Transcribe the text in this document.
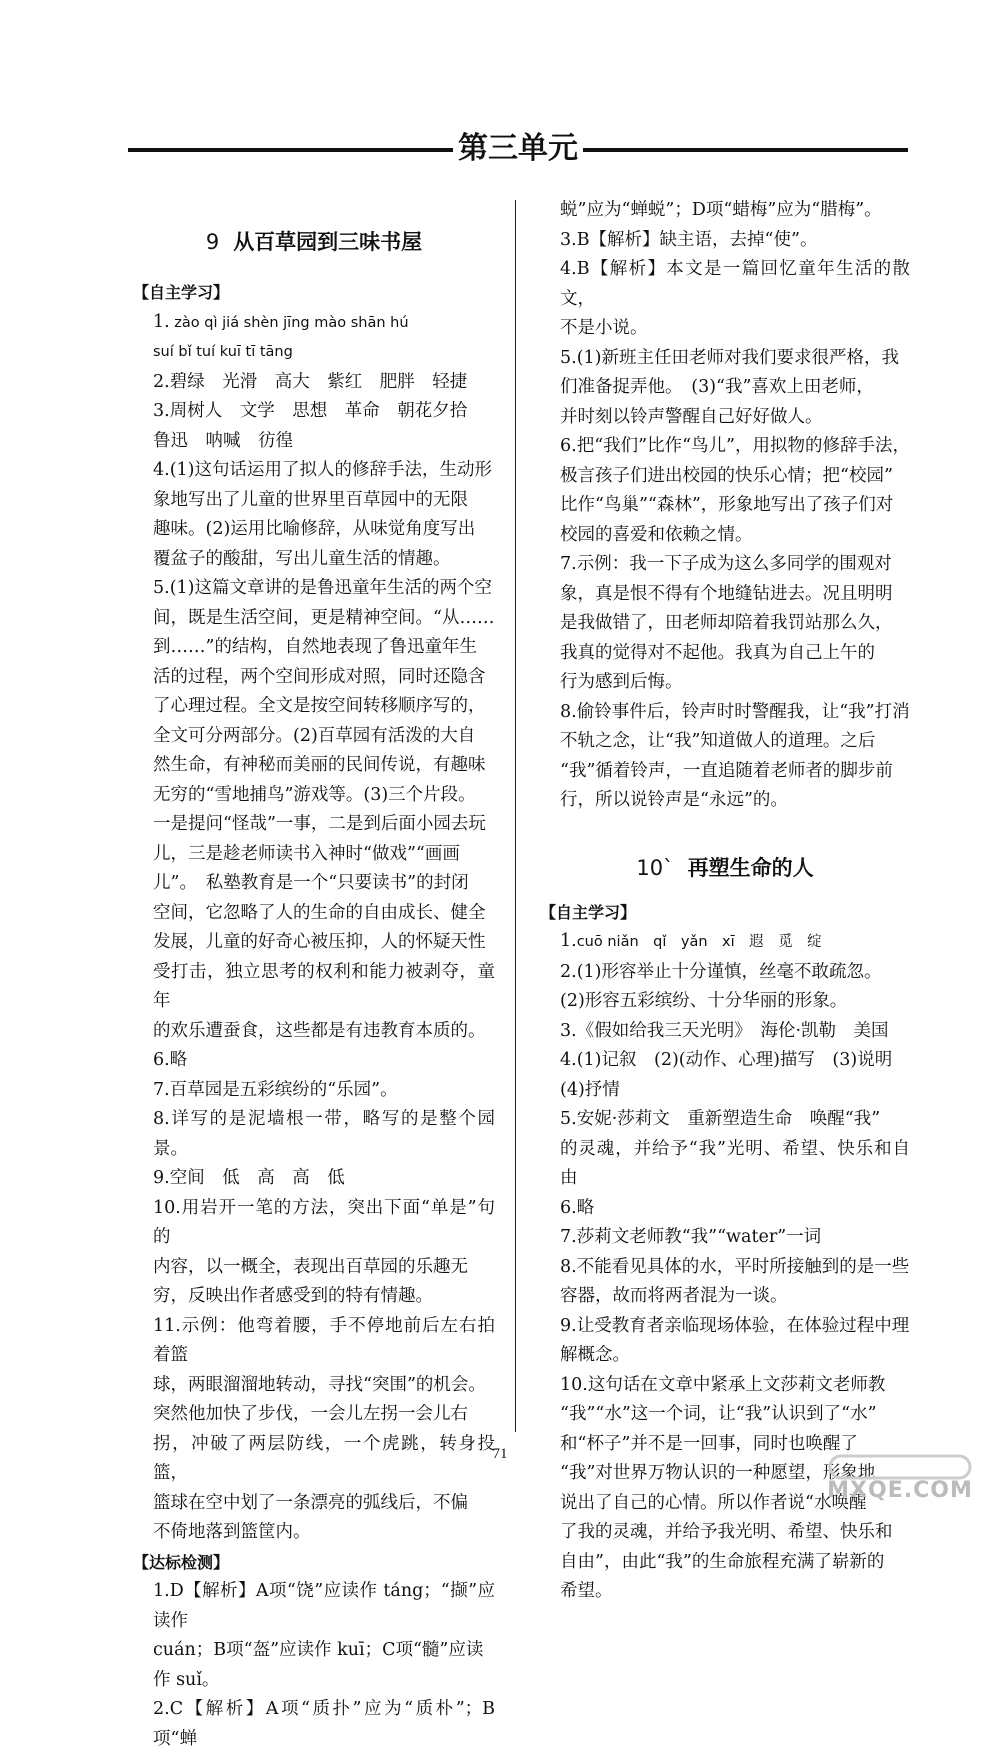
第三单元

9 从百草园到三味书屋

【自主学习】
1. zào qì jiá shèn jīng mào shān hú
suí bǐ tuí kuī tī tāng
2.碧绿　光滑　高大　紫红　肥胖　轻捷
3.周树人　文学　思想　革命　朝花夕拾
鲁迅　呐喊　彷徨
4.(1)这句话运用了拟人的修辞手法，生动形
象地写出了儿童的世界里百草园中的无限
趣味。(2)运用比喻修辞，从味觉角度写出
覆盆子的酸甜，写出儿童生活的情趣。
5.(1)这篇文章讲的是鲁迅童年生活的两个空
间，既是生活空间，更是精神空间。“从……
到……”的结构，自然地表现了鲁迅童年生
活的过程，两个空间形成对照，同时还隐含
了心理过程。全文是按空间转移顺序写的，
全文可分两部分。(2)百草园有活泼的大自
然生命，有神秘而美丽的民间传说，有趣味
无穷的“雪地捕鸟”游戏等。(3)三个片段。
一是提问“怪哉”一事，二是到后面小园去玩
儿，三是趁老师读书入神时“做戏”“画画
儿”。　私塾教育是一个“只要读书”的封闭
空间，它忽略了人的生命的自由成长、健全
发展，儿童的好奇心被压抑，人的怀疑天性
受打击，独立思考的权利和能力被剥夺，童年
的欢乐遭蚕食，这些都是有违教育本质的。
6.略
7.百草园是五彩缤纷的“乐园”。
8.详写的是泥墙根一带，略写的是整个园景。
9.空间　低　高　高　低
10.用岩开一笔的方法，突出下面“单是”句的
内容，以一概全，表现出百草园的乐趣无
穷，反映出作者感受到的特有情趣。
11.示例：他弯着腰，手不停地前后左右拍着篮
球，两眼溜溜地转动，寻找“突围”的机会。
突然他加快了步伐，一会儿左拐一会儿右
拐，冲破了两层防线，一个虎跳，转身投篮，
篮球在空中划了一条漂亮的弧线后，不偏
不倚地落到篮筐内。
【达标检测】
1.D【解析】A项“饶”应读作 táng；“撷”应读作
cuán；B项“盔”应读作 kuī；C项“髓”应读
作 suǐ。
2.C【解析】A项“质扑”应为“质朴”；B项“蝉
蜕”应为“蝉蜕”；D项“蜡梅”应为“腊梅”。
3.B【解析】缺主语，去掉“使”。
4.B【解析】本文是一篇回忆童年生活的散文，
不是小说。
5.(1)新班主任田老师对我们要求很严格，我
们准备捉弄他。　(3)“我”喜欢上田老师，
并时刻以铃声警醒自己好好做人。
6.把“我们”比作“鸟儿”，用拟物的修辞手法，
极言孩子们进出校园的快乐心情；把“校园”
比作“鸟巢”“森林”，形象地写出了孩子们对
校园的喜爱和依赖之情。
7.示例：我一下子成为这么多同学的围观对
象，真是恨不得有个地缝钻进去。况且明明
是我做错了，田老师却陪着我罚站那么久，
我真的觉得对不起他。我真为自己上午的
行为感到后悔。
8.偷铃事件后，铃声时时警醒我，让“我”打消
不轨之念，让“我”知道做人的道理。之后
“我”循着铃声，一直追随着老师者的脚步前
行，所以说铃声是“永远”的。

10` 再塑生命的人

【自主学习】
1.cuō niǎn　qǐ　yǎn　xī　遐　觅　绽
2.(1)形容举止十分谨慎，丝毫不敢疏忽。
(2)形容五彩缤纷、十分华丽的形象。
3.《假如给我三天光明》　海伦·凯勒　美国
4.(1)记叙　(2)(动作、心理)描写　(3)说明
(4)抒情
5.安妮·莎莉文　重新塑造生命　唤醒“我”
的灵魂，并给予“我”光明、希望、快乐和自由
6.略
7.莎莉文老师教“我”“water”一词
8.不能看见具体的水，平时所接触到的是一些
容器，故而将两者混为一谈。
9.让受教育者亲临现场体验，在体验过程中理
解概念。
10.这句话在文章中紧承上文莎莉文老师教
“我”“水”这一个词，让“我”认识到了“水”
和“杯子”并不是一回事，同时也唤醒了
“我”对世界万物认识的一种愿望，形象地
说出了自己的心情。所以作者说“水唤醒
了我的灵魂，并给予我光明、希望、快乐和
自由”，由此“我”的生命旅程充满了崭新的
希望。
71
MXQE.COM
